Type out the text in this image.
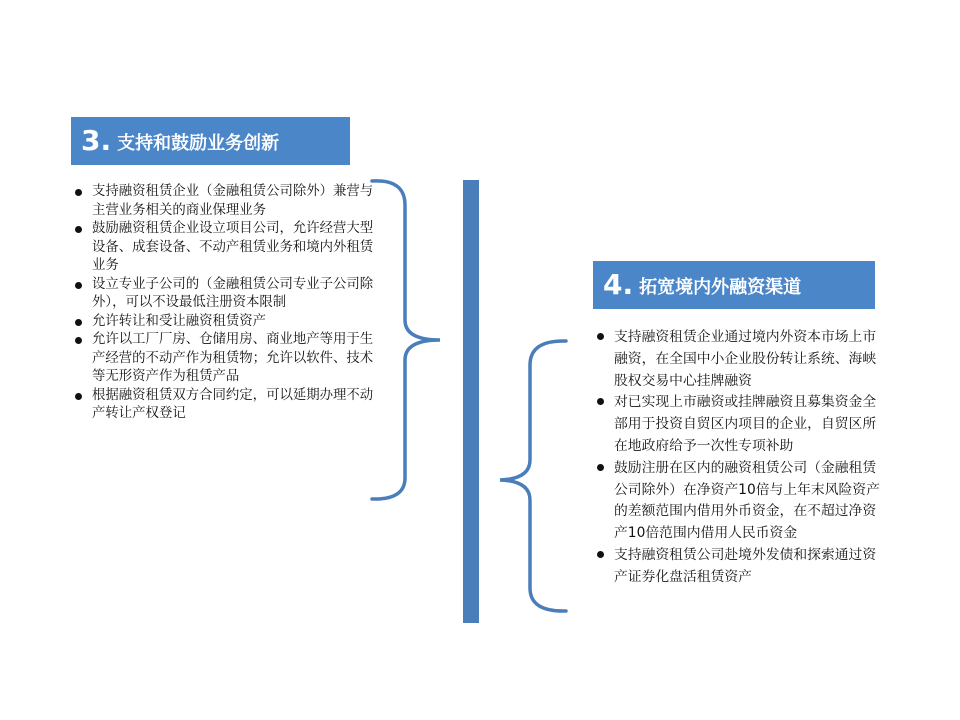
3. 支持和鼓励业务创新
支持融资租赁企业（金融租赁公司除外）兼营与主营业务相关的商业保理业务
鼓励融资租赁企业设立项目公司，允许经营大型设备、成套设备、不动产租赁业务和境内外租赁业务
设立专业子公司的（金融租赁公司专业子公司除外），可以不设最低注册资本限制
允许转让和受让融资租赁资产
允许以工厂厂房、仓储用房、商业地产等用于生产经营的不动产作为租赁物；允许以软件、技术等无形资产作为租赁产品
根据融资租赁双方合同约定，可以延期办理不动产转让产权登记
4. 拓宽境内外融资渠道
支持融资租赁企业通过境内外资本市场上市融资，在全国中小企业股份转让系统、海峡股权交易中心挂牌融资
对已实现上市融资或挂牌融资且募集资金全部用于投资自贸区内项目的企业，自贸区所在地政府给予一次性专项补助
鼓励注册在区内的融资租赁公司（金融租赁公司除外）在净资产10倍与上年末风险资产的差额范围内借用外币资金，在不超过净资产10倍范围内借用人民币资金
支持融资租赁公司赴境外发债和探索通过资产证券化盘活租赁资产
